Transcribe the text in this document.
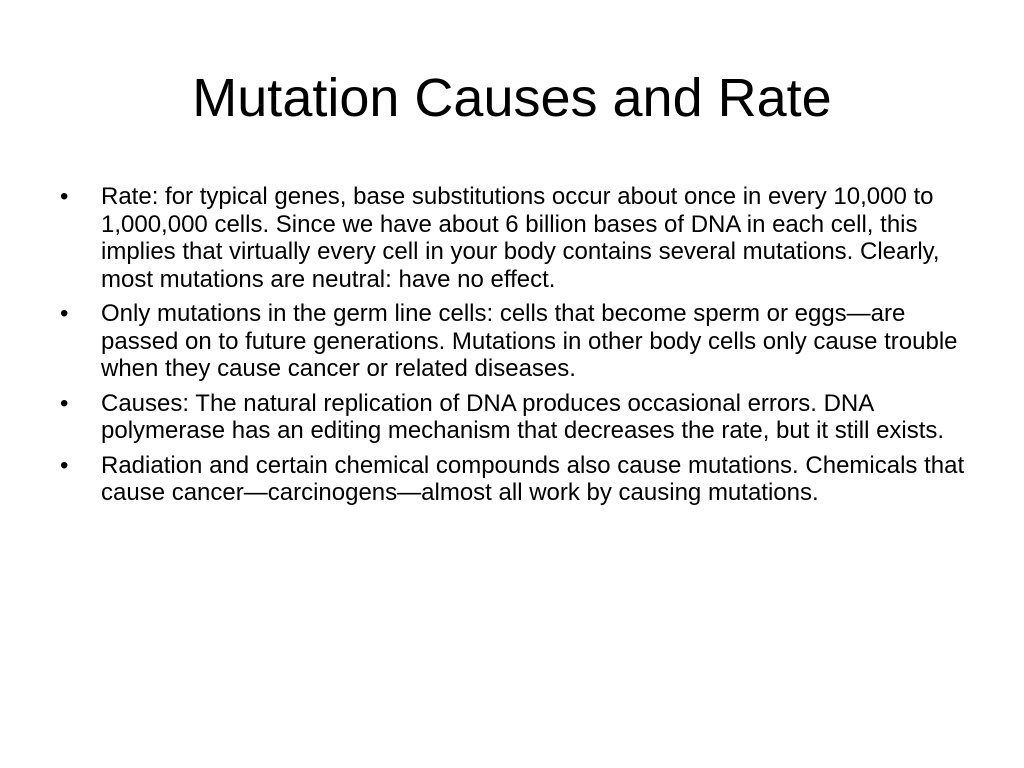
Mutation Causes and Rate
•	Rate: for typical genes, base substitutions occur about once in every 10,000 to 1,000,000 cells. Since we have about 6 billion bases of DNA in each cell, this implies that virtually every cell in your body contains several mutations. Clearly, most mutations are neutral: have no effect.
•	Only mutations in the germ line cells: cells that become sperm or eggs—are passed on to future generations. Mutations in other body cells only cause trouble when they cause cancer or related diseases.
•	Causes: The natural replication of DNA produces occasional errors. DNA polymerase has an editing mechanism that decreases the rate, but it still exists.
•	Radiation and certain chemical compounds also cause mutations. Chemicals that cause cancer—carcinogens—almost all work by causing mutations.
